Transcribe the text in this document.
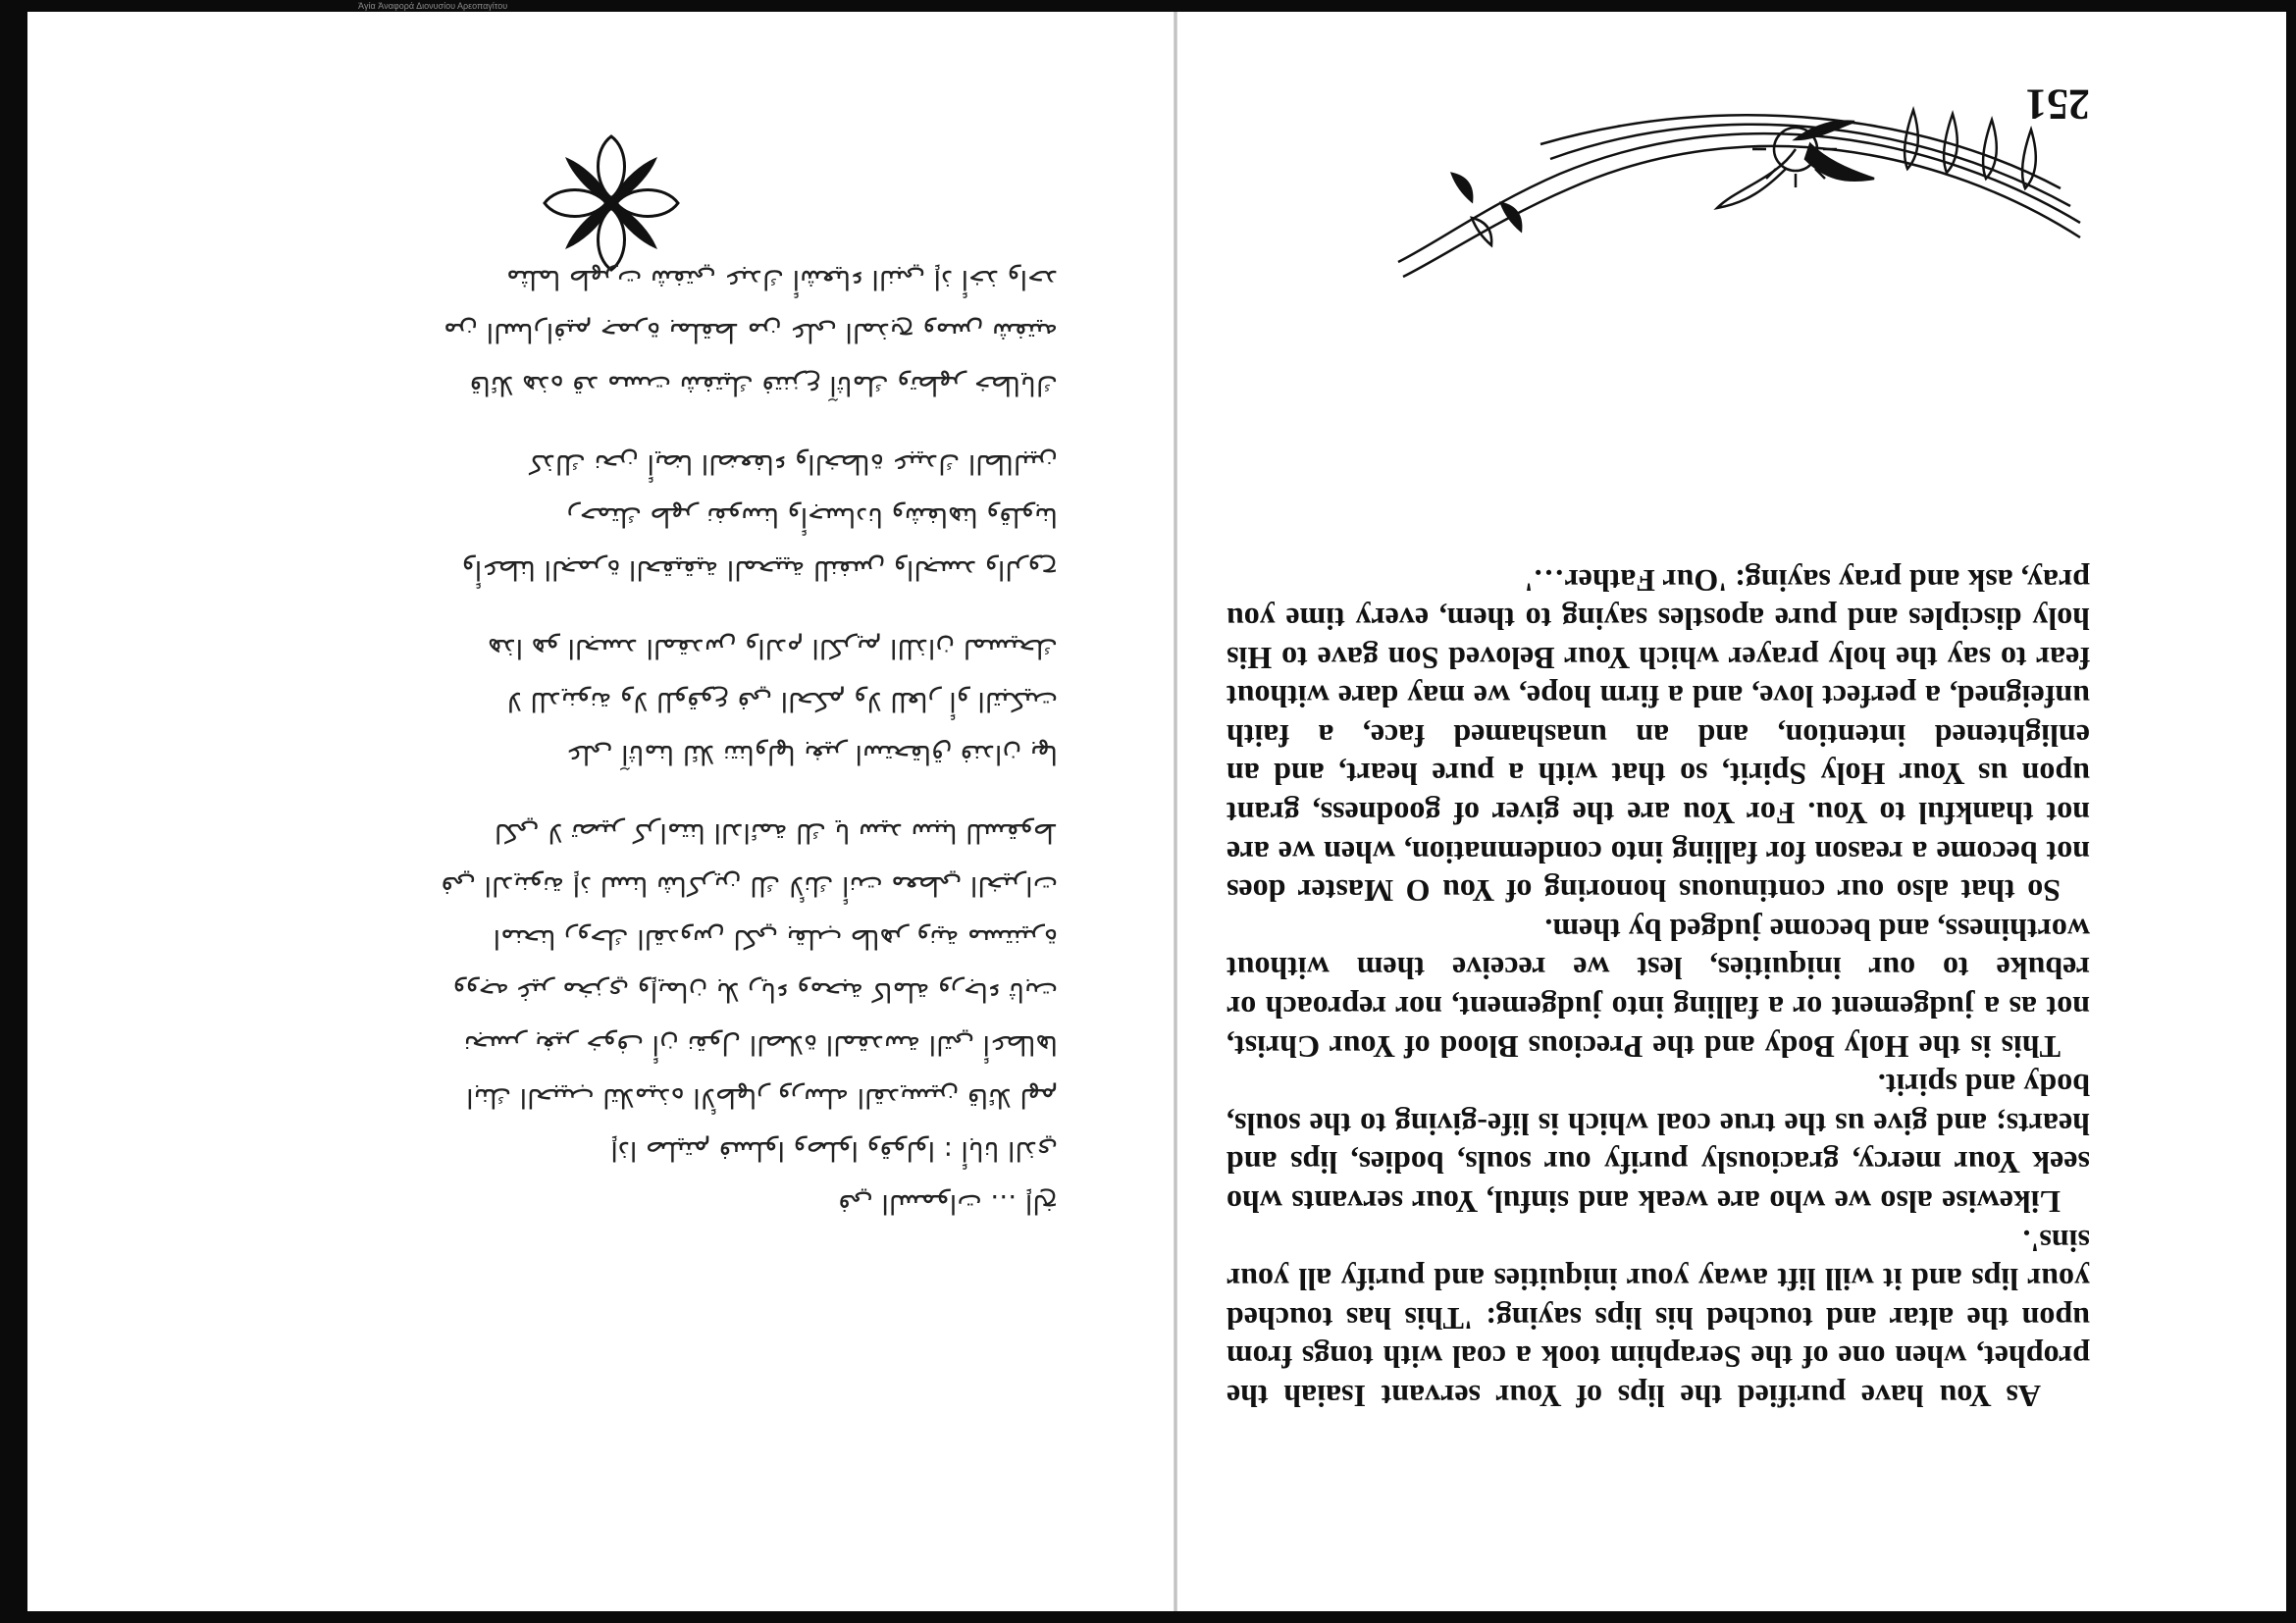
Ἁγία Ἀναφορά Διονυσίου Αρεοπαγίτου
ﻣﺜﻠﻤﺎ ﻃﻬﺮﺕ ﺷﻔﺘﻲ ﻋﺒﺪﻙ ﺃﺷﻌﻴﺎﺀ ﺍﻟﻨﺒﻲ ﺇﺫ ﺃﺧﺬ ﻭﺍﺣﺪ
ﻣﻦ ﺍﻟﺴﺎﺭﺍﻓﻴﻢ ﺟﻤﺮﺓ ﺑﻤﻠﻘﻂ ﻣﻦ ﻋﻠﻰ ﺍﻟﻤﺬﺑﺢ ﻭﻣﺲ ﺷﻔﺘﻴﻪ
ﻗﺎﺋﻼ ﻫﺬﻩ ﻗﺪ ﻣﺴﺖ ﺷﻔﺘﻴﻚ ﻓﺘﻨﺰﻉ ﺁﺛﺎﻣﻚ ﻭﺗﻄﻬﺮ ﺧﻄﺎﻳﺎﻙ
ﻛﺬﻟﻚ ﻧﺤﻦ ﺃﻳﻀﺎ ﺍﻟﻀﻌﻔﺎﺀ ﻭﺍﻟﺨﻄﺎﺓ ﻋﺒﻴﺪﻙ ﺍﻟﻄﺎﻟﺒﻴﻦ
ﺭﺣﻤﺘﻚ ﻃﻬﺮ ﻧﻔﻮﺳﻨﺎ ﻭﺃﺟﺴﺎﺩﻧﺎ ﻭﺷﻔﺎﻫﻨﺎ ﻭﻗﻠﻮﺑﻨﺎ
ﻭﺃﻋﻄﻨﺎ ﺍﻟﺠﻤﺮﺓ ﺍﻟﺤﻘﻴﻘﻴﺔ ﺍﻟﻤﺤﻴﻴﺔ ﻟﻠﻨﻔﺲ ﻭﺍﻟﺠﺴﺪ ﻭﺍﻟﺮﻭﺡ
ﻫﺬﺍ ﻫﻮ ﺍﻟﺠﺴﺪ ﺍﻟﻤﻘﺪﺱ ﻭﺍﻟﺪﻡ ﺍﻟﻜﺮﻳﻢ ﺍﻟﻠﺬﺍﻥ ﻟﻤﺴﻴﺤﻚ
ﻻ ﻟﻠﺪﻳﻨﻮﻧﺔ ﻭﻻ ﻟﻠﻮﻗﻮﻉ ﻓﻲ ﺍﻟﺤﻜﻢ ﻭﻻ ﻟﻠﻌﺎﺭ ﺃﻭ ﺍﻟﺘﺒﻜﻴﺖ
ﻋﻠﻰ ﺁﺛﺎﻣﻨﺎ ﻟﺌﻼ ﻧﺘﻨﺎﻭﻟﻬﺎ ﺑﻐﻴﺮ ﺍﺳﺘﺤﻘﺎﻕ ﻓﻨﺪﺍﻥ ﺑﻬﺎ
ﻟﻜﻲ ﻻ ﺗﺼﻴﺮ ﻛﺮﺍﻣﺘﻨﺎ ﺍﻟﺪﺍﺋﻤﺔ ﻟﻚ ﻳﺎ ﺳﻴﺪ ﺳﺒﺒﺎ ﻟﻠﺴﻘﻮﻁ
ﻓﻲ ﺍﻟﺪﻳﻨﻮﻧﺔ ﺇﺫ ﻟﺴﻨﺎ ﺷﺎﻛﺮﻳﻦ ﻟﻚ ﻷﻧﻚ ﺃﻧﺖ ﻣﻌﻄﻲ ﺍﻟﺨﻴﺮﺍﺕ
ﺍﻣﻨﺤﻨﺎ ﺭﻭﺣﻚ ﺍﻟﻘﺪﻭﺱ ﻟﻜﻲ ﺑﻘﻠﺐ ﻃﺎﻫﺮ ﻭﻧﻴﺔ ﻣﺴﺘﻨﻴﺮﺓ
ﻭﻭﺟﻪ ﻏﻴﺮ ﻣﺨﺰﻱ ﻭﺇﻳﻤﺎﻥ ﺑﻼ ﺭﻳﺎﺀ ﻭﻣﺤﺒﺔ ﻛﺎﻣﻠﺔ ﻭﺭﺟﺎﺀ ﺛﺎﺑﺖ
ﻧﺠﺴﺮ ﺑﻐﻴﺮ ﺧﻮﻑ ﺃﻥ ﻧﻘﻮﻝ ﺍﻟﺼﻼﺓ ﺍﻟﻤﻘﺪﺳﺔ ﺍﻟﺘﻲ ﺃﻋﻄﺎﻫﺎ
ﺍﺑﻨﻚ ﺍﻟﺤﺒﻴﺐ ﻟﺘﻼﻣﻴﺬﻩ ﺍﻷﻃﻬﺎﺭ ﻭﺭﺳﻠﻪ ﺍﻟﻘﺪﻳﺴﻴﻦ ﻗﺎﺋﻼ ﻟﻬﻢ
ﺇﺫﺍ ﺻﻠﻴﺘﻢ ﻓﺴﻠﻮﺍ ﻭﺻﻠﻮﺍ ﻭﻗﻮﻟﻮﺍ : ﺃﺑﺎﻧﺎ ﺍﻟﺬﻱ
ﻓﻲ ﺍﻟﺴﻤﻮﺍﺕ … ﺇﻟﺦ

As You have purified the lips of Your servant Isaiah the prophet, when one of the Seraphim took a coal with tongs from upon the altar and touched his lips saying: 'This has touched your lips and it will lift away your iniquities and purify all your sins'.

Likewise also we who are weak and sinful, Your servants who seek Your mercy, graciously purify our souls, bodies, lips and hearts; and give us the true coal which is life-giving to the souls, body and spirit.

This is the Holy Body and the Precious Blood of Your Christ, not as a judgement or a falling into judgement, nor reproach or rebuke to our iniquities, lest we receive them without worthiness, and become judged by them.

So that also our continuous honoring of You O Master does not become a reason for falling into condemnation, when we are not thankful to You. For You are the giver of goodness, grant upon us Your Holy Spirit, so that with a pure heart, and an enlightened intention, and an unashamed face, a faith unfeigned, a perfect love, and a firm hope, we may dare without fear to say the holy prayer which Your Beloved Son gave to His holy disciples and pure apostles saying to them, every time you pray, ask and pray saying: 'Our Father…'

251
